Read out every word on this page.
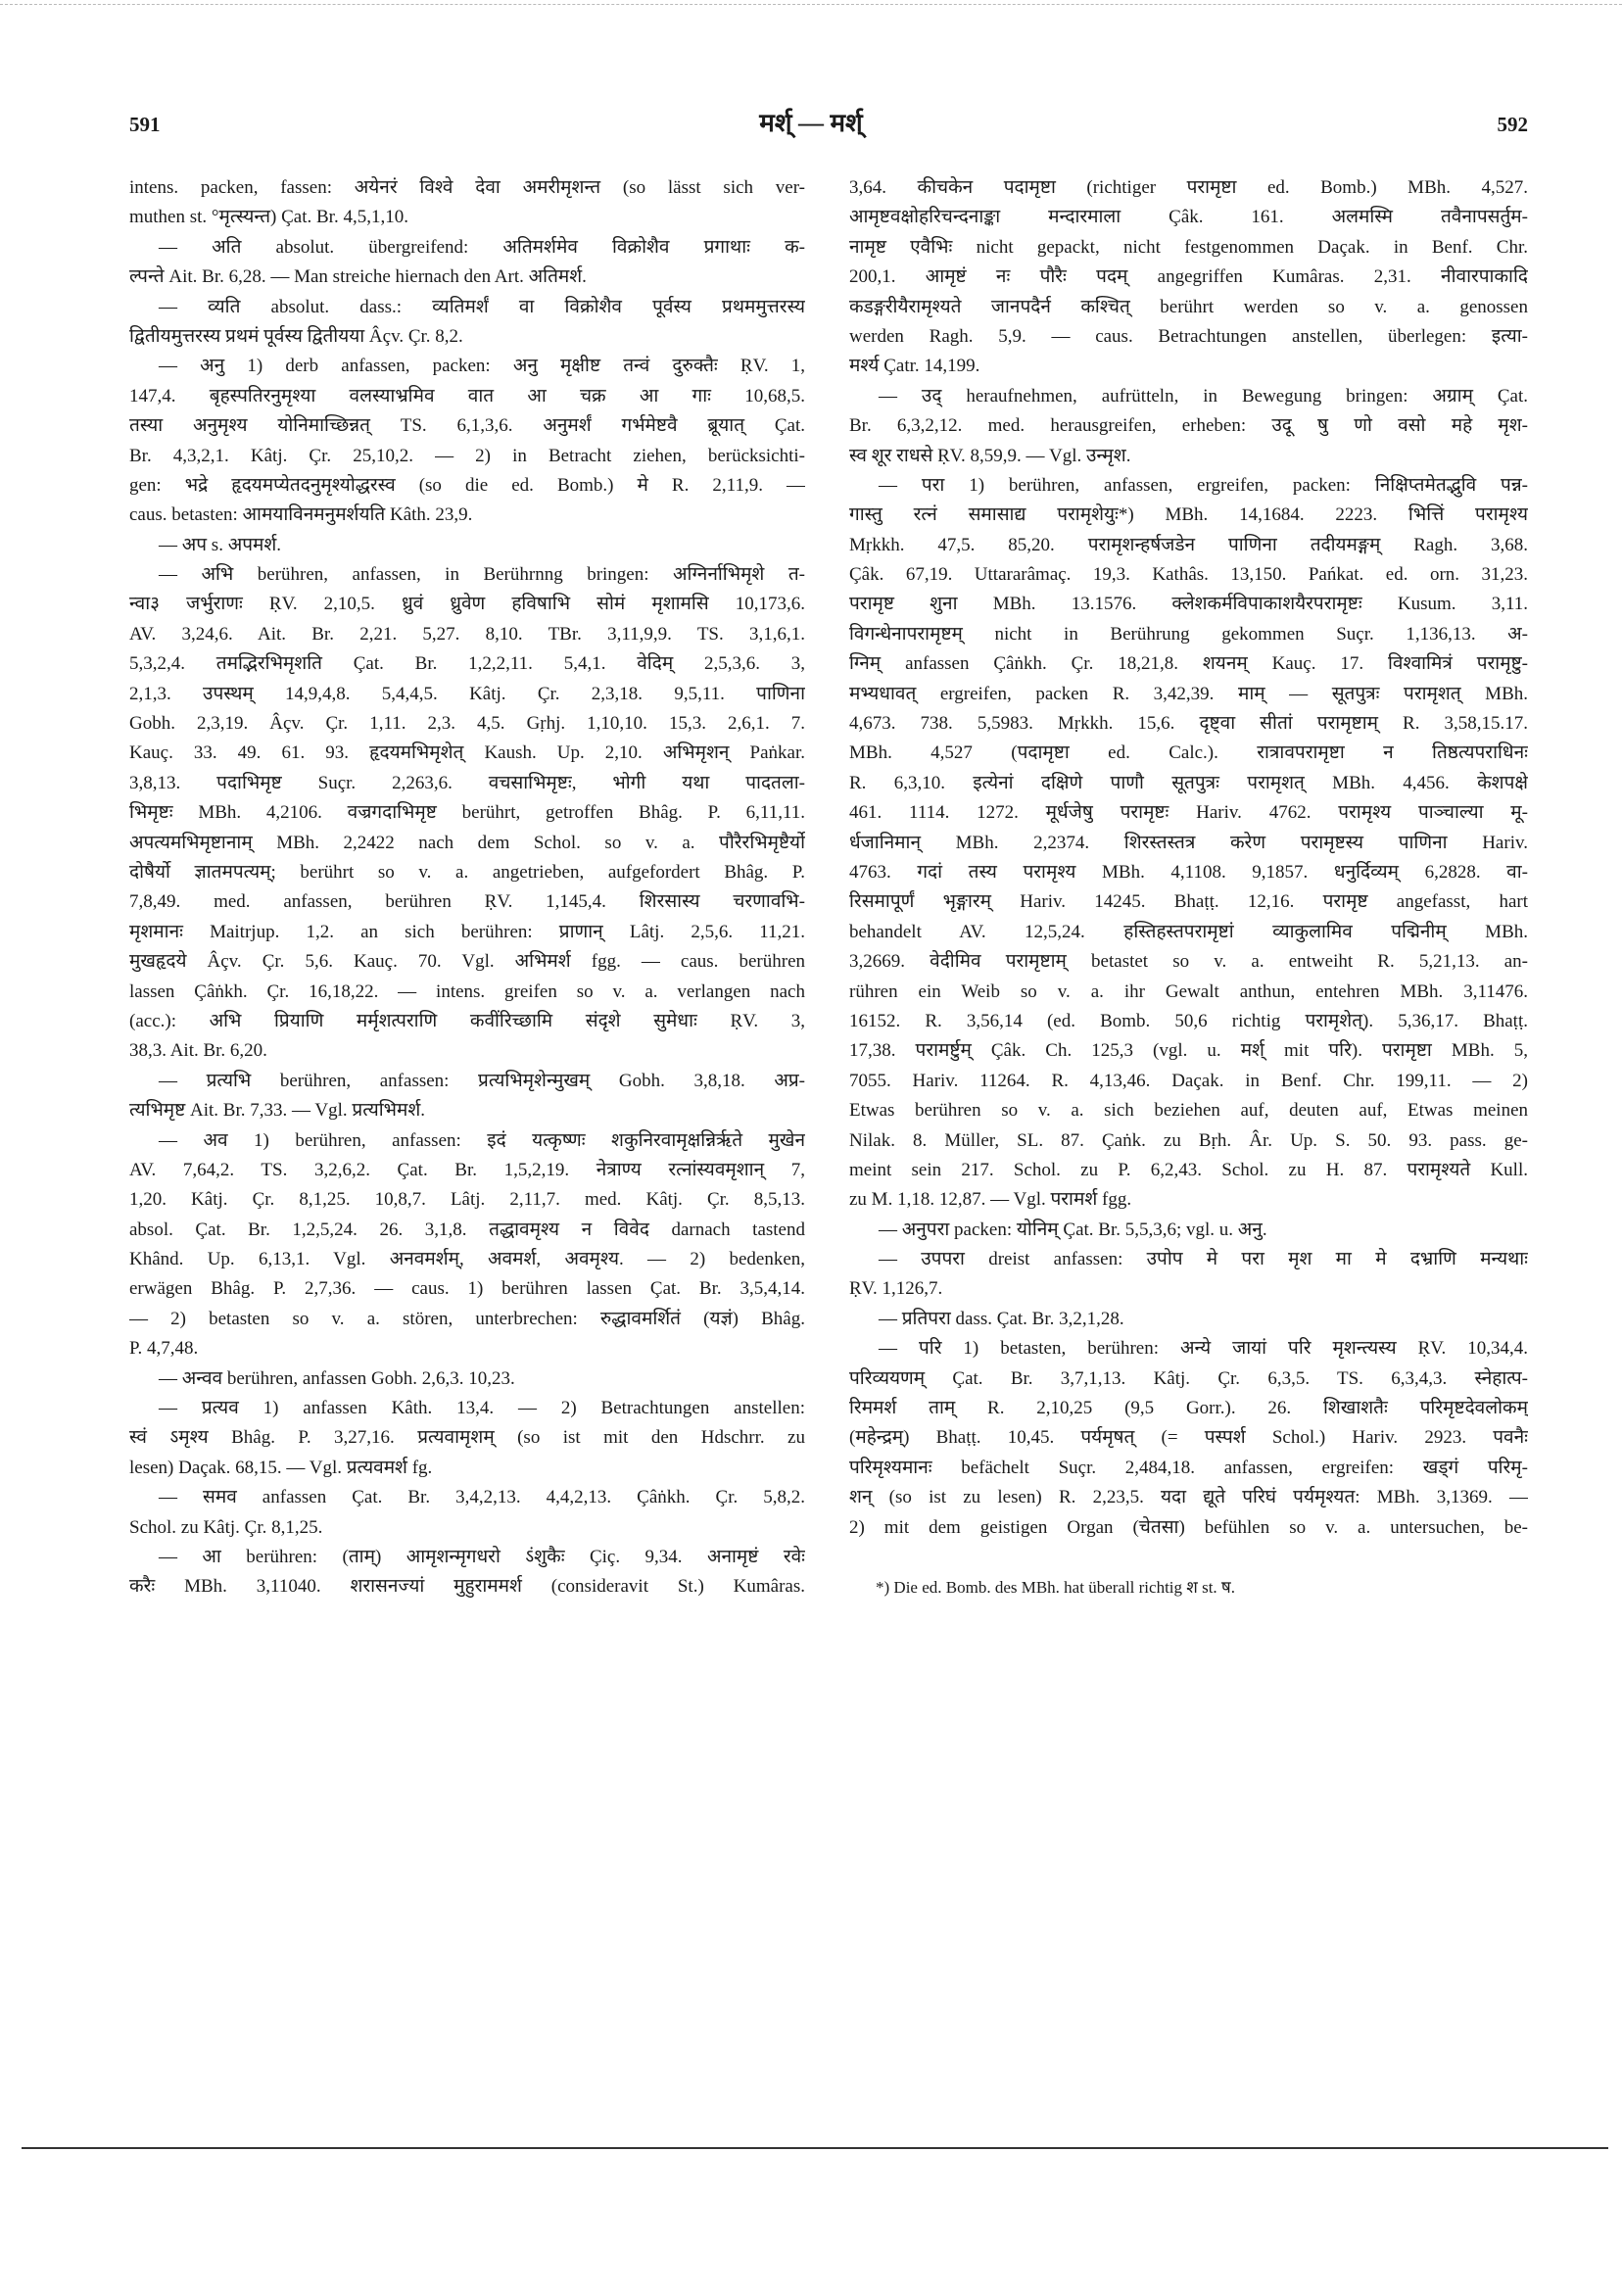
591	मर्श् — मर्श्	592
intens. packen, fassen: अयेनरं विश्वे देवा अमरीमृशन्त (so lässt sich ver-
muthen st. °मृत्स्यन्त) Çat. Br. 4,5,1,10.
— अति absolut. übergreifend: अतिमर्शमेव विक्रोशैव प्रगाथाः क-
ल्पन्ते Ait. Br. 6,28. — Man streiche hiernach den Art. अतिमर्श.
— व्यति absolut. dass.: व्यतिमर्शं वा विक्रोशैव पूर्वस्य प्रथममुत्तरस्य
द्वितीयमुत्तरस्य प्रथमं पूर्वस्य द्वितीयया Âçv. Çr. 8,2.
— अनु 1) derb anfassen, packen: अनु मृक्षीष्ट तन्वं दुरुक्तैः ṚV. 1,
147,4. बृहस्पतिरनुमृश्या वलस्याभ्रमिव वात आ चक्र आ गाः 10,68,5.
तस्या अनुमृश्य योनिमाच्छिन्नत् TS. 6,1,3,6. अनुमर्शं गर्भमेष्टवै ब्रूयात् Çat.
Br. 4,3,2,1. Kâtj. Çr. 25,10,2. — 2) in Betracht ziehen, berücksichti-
gen: भद्रे हृदयमप्येतदनुमृश्योद्धरस्व (so die ed. Bomb.) मे R. 2,11,9. —
caus. betasten: आमयाविनमनुमर्शयति Kâth. 23,9.
— अप s. अपमर्श.
— अभि berühren, anfassen, in Berührnng bringen: अग्निर्नाभिमृशे त-
न्वा३ जर्भुराणः ṚV. 2,10,5. ध्रुवं ध्रुवेण हविषाभि सोमं मृशामसि 10,173,6.
AV. 3,24,6. Ait. Br. 2,21. 5,27. 8,10. TBr. 3,11,9,9. TS. 3,1,6,1.
5,3,2,4. तमद्भिरभिमृशति Çat. Br. 1,2,2,11. 5,4,1. वेदिम् 2,5,3,6. 3,
2,1,3. उपस्थम् 14,9,4,8. 5,4,4,5. Kâtj. Çr. 2,3,18. 9,5,11. पाणिना
Gobh. 2,3,19. Âçv. Çr. 1,11. 2,3. 4,5. Gṛhj. 1,10,10. 15,3. 2,6,1. 7.
Kauç. 33. 49. 61. 93. हृदयमभिमृशेत् Kaush. Up. 2,10. अभिमृशन् Paṅkar.
3,8,13. पदाभिमृष्ट Suçr. 2,263,6. वचसाभिमृष्टः, भोगी यथा पादतला-
भिमृष्टः MBh. 4,2106. वज्रगदाभिमृष्ट berührt, getroffen Bhâg. P. 6,11,11.
अपत्यमभिमृष्टानाम् MBh. 2,2422 nach dem Schol. so v. a. पौरैरभिमृष्टैर्यो
दोषैर्यो ज्ञातमपत्यम्; berührt so v. a. angetrieben, aufgefordert Bhâg. P.
7,8,49. med. anfassen, berühren ṚV. 1,145,4. शिरसास्य चरणावभि-
मृशमानः Maitrjup. 1,2. an sich berühren: प्राणान् Lâtj. 2,5,6. 11,21.
मुखहृदये Âçv. Çr. 5,6. Kauç. 70. Vgl. अभिमर्श fgg. — caus. berühren
lassen Çâṅkh. Çr. 16,18,22. — intens. greifen so v. a. verlangen nach
(acc.): अभि प्रियाणि मर्मृशत्पराणि कवींरिच्छामि संदृशे सुमेधाः ṚV. 3,
38,3. Ait. Br. 6,20.
— प्रत्यभि berühren, anfassen: प्रत्यभिमृशेन्मुखम् Gobh. 3,8,18. अप्र-
त्यभिमृष्ट Ait. Br. 7,33. — Vgl. प्रत्यभिमर्श.
— अव 1) berühren, anfassen: इदं यत्कृष्णः शकुनिरवामृक्षन्निर्ऋते मुखेन
AV. 7,64,2. TS. 3,2,6,2. Çat. Br. 1,5,2,19. नेत्राण्य रत्नांस्यवमृशान् 7,
1,20. Kâtj. Çr. 8,1,25. 10,8,7. Lâtj. 2,11,7. med. Kâtj. Çr. 8,5,13.
absol. Çat. Br. 1,2,5,24. 26. 3,1,8. तद्धावमृश्य न विवेद darnach tastend
Khând. Up. 6,13,1. Vgl. अनवमर्शम्, अवमर्श, अवमृश्य. — 2) bedenken,
erwägen Bhâg. P. 2,7,36. — caus. 1) berühren lassen Çat. Br. 3,5,4,14.
— 2) betasten so v. a. stören, unterbrechen: रुद्धावमर्शितं (यज्ञं) Bhâg.
P. 4,7,48.
— अन्वव berühren, anfassen Gobh. 2,6,3. 10,23.
— प्रत्यव 1) anfassen Kâth. 13,4. — 2) Betrachtungen anstellen:
स्वं ऽमृश्य Bhâg. P. 3,27,16. प्रत्यवामृशम् (so ist mit den Hdschrr. zu
lesen) Daçak. 68,15. — Vgl. प्रत्यवमर्श fg.
— समव anfassen Çat. Br. 3,4,2,13. 4,4,2,13. Çâṅkh. Çr. 5,8,2.
Schol. zu Kâtj. Çr. 8,1,25.
— आ berühren: (ताम्) आमृशन्मृगधरो ऽंशुकैः Çiç. 9,34. अनामृष्टं रवेः
करैः MBh. 3,11040. शरासनज्यां मुहुराममर्श (consideravit St.) Kumâras.
3,64. कीचकेन पदामृष्टा (richtiger परामृष्टा ed. Bomb.) MBh. 4,527.
आमृष्टवक्षोहरिचन्दनाङ्का मन्दारमाला Çâk. 161. अलमस्मि तवैनापसर्तुम-
नामृष्ट एवैभिः nicht gepackt, nicht festgenommen Daçak. in Benf. Chr.
200,1. आमृष्टं नः पौरैः पदम् angegriffen Kumâras. 2,31. नीवारपाकादि
कडङ्गरीयैरामृश्यते जानपदैर्न कश्चित् berührt werden so v. a. genossen
werden Ragh. 5,9. — caus. Betrachtungen anstellen, überlegen: इत्या-
मर्श्य Çatr. 14,199.
— उद् heraufnehmen, aufrütteln, in Bewegung bringen: अग्राम् Çat.
Br. 6,3,2,12. med. herausgreifen, erheben: उदू षु णो वसो महे मृश-
स्व शूर राधसे ṚV. 8,59,9. — Vgl. उन्मृश.
— परा 1) berühren, anfassen, ergreifen, packen: निक्षिप्तमेतद्भुवि पन्न-
गास्तु रत्नं समासाद्य परामृशेयुः*) MBh. 14,1684. 2223. भित्तिं परामृश्य
Mṛkkh. 47,5. 85,20. परामृशन्हर्षजडेन पाणिना तदीयमङ्गम् Ragh. 3,68.
Çâk. 67,19. Uttararâmaç. 19,3. Kathâs. 13,150. Pańkat. ed. orn. 31,23.
परामृष्ट शुना MBh. 13.1576. क्लेशकर्मविपाकाशयैरपरामृष्टः Kusum. 3,11.
विगन्धेनापरामृष्टम् nicht in Berührung gekommen Suçr. 1,136,13. अ-
ग्निम् anfassen Çâṅkh. Çr. 18,21,8. शयनम् Kauç. 17. विश्वामित्रं परामृष्टु-
मभ्यधावत् ergreifen, packen R. 3,42,39. माम् — सूतपुत्रः परामृशत् MBh.
4,673. 738. 5,5983. Mṛkkh. 15,6. दृष्ट्वा सीतां परामृष्टाम् R. 3,58,15.17.
MBh. 4,527 (पदामृष्टा ed. Calc.). रात्रावपरामृष्टा न तिष्ठत्यपराधिनः
R. 6,3,10. इत्येनां दक्षिणे पाणौ सूतपुत्रः परामृशत् MBh. 4,456. केशपक्षे
461. 1114. 1272. मूर्धजेषु परामृष्टः Hariv. 4762. परामृश्य पाञ्चाल्या मू-
र्धजानिमान् MBh. 2,2374. शिरस्तस्तत्र करेण परामृष्टस्य पाणिना Hariv.
4763. गदां तस्य परामृश्य MBh. 4,1108. 9,1857. धनुर्दिव्यम् 6,2828. वा-
रिसमापूर्णं भृङ्गारम् Hariv. 14245. Bhaṭṭ. 12,16. परामृष्ट angefasst, hart
behandelt AV. 12,5,24. हस्तिहस्तपरामृष्टां व्याकुलामिव पद्मिनीम् MBh.
3,2669. वेदीमिव परामृष्टाम् betastet so v. a. entweiht R. 5,21,13. an-
rühren ein Weib so v. a. ihr Gewalt anthun, entehren MBh. 3,11476.
16152. R. 3,56,14 (ed. Bomb. 50,6 richtig परामृशेत्). 5,36,17. Bhaṭṭ.
17,38. परामर्ष्टुम् Çâk. Ch. 125,3 (vgl. u. मर्श् mit परि). परामृष्टा MBh. 5,
7055. Hariv. 11264. R. 4,13,46. Daçak. in Benf. Chr. 199,11. — 2)
Etwas berühren so v. a. sich beziehen auf, deuten auf, Etwas meinen
Nilak. 8. Müller, SL. 87. Çaṅk. zu Bṛh. Âr. Up. S. 50. 93. pass. ge-
meint sein 217. Schol. zu P. 6,2,43. Schol. zu H. 87. परामृश्यते Kull.
zu M. 1,18. 12,87. — Vgl. परामर्श fgg.
— अनुपरा packen: योनिम् Çat. Br. 5,5,3,6; vgl. u. अनु.
— उपपरा dreist anfassen: उपोप मे परा मृश मा मे दभ्राणि मन्यथाः
ṚV. 1,126,7.
— प्रतिपरा dass. Çat. Br. 3,2,1,28.
— परि 1) betasten, berühren: अन्ये जायां परि मृशन्त्यस्य ṚV. 10,34,4.
परिव्ययणम् Çat. Br. 3,7,1,13. Kâtj. Çr. 6,3,5. TS. 6,3,4,3. स्नेहात्प-
रिममर्श ताम् R. 2,10,25 (9,5 Gorr.). 26. शिखाशतैः परिमृष्टदेवलोकम्
(महेन्द्रम्) Bhaṭṭ. 10,45. पर्यमृषत् (= पस्पर्श Schol.) Hariv. 2923. पवनैः
परिमृश्यमानः befächelt Suçr. 2,484,18. anfassen, ergreifen: खड्गं परिमृ-
शन् (so ist zu lesen) R. 2,23,5. यदा द्यूते परिघं पर्यमृश्यत: MBh. 3,1369. —
2) mit dem geistigen Organ (चेतसा) befühlen so v. a. untersuchen, be-
*) Die ed. Bomb. des MBh. hat überall richtig श st. ष.
